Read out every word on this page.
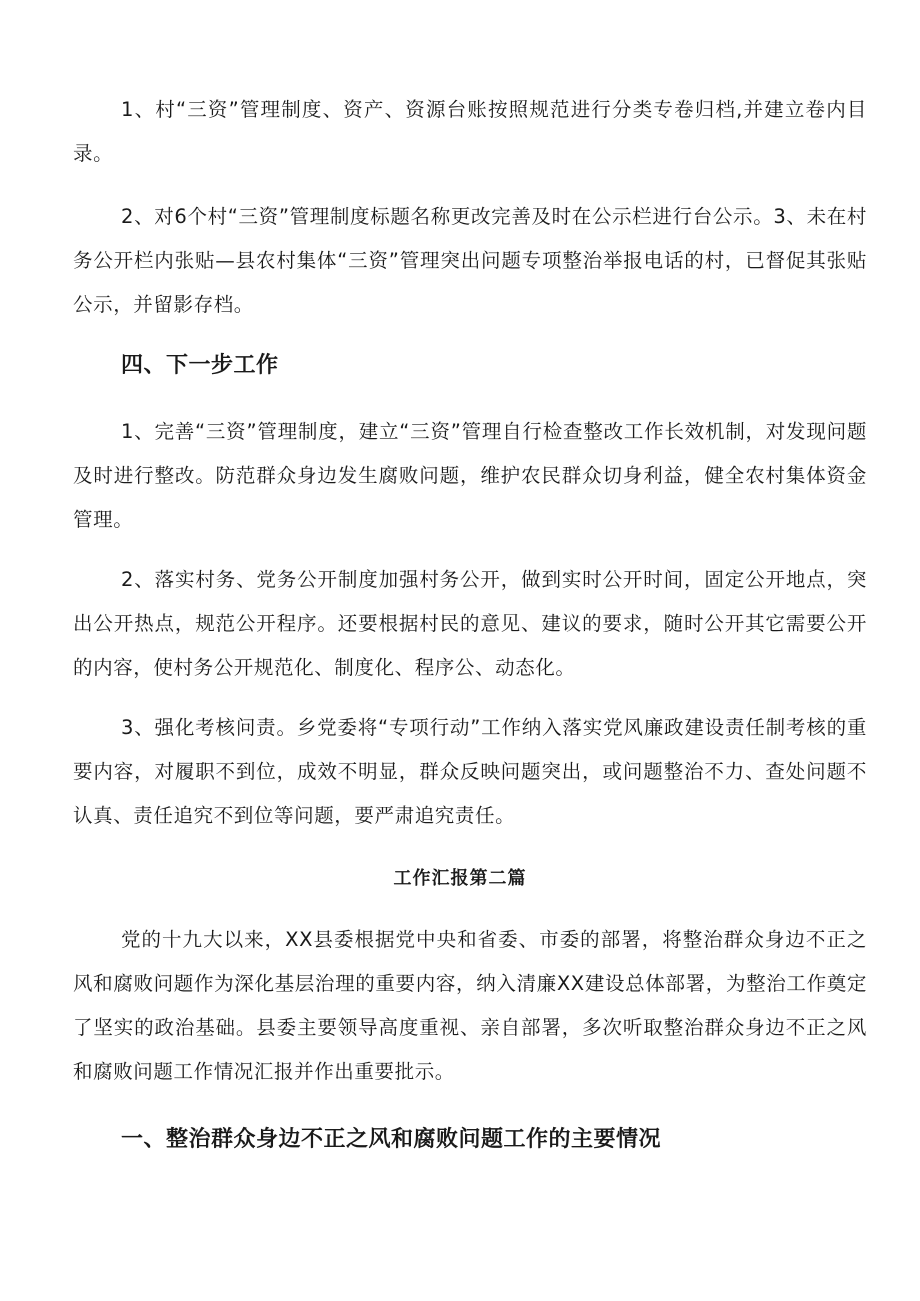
1、村“三资”管理制度、资产、资源台账按照规范进行分类专卷归档,并建立卷内目录。

2、对6个村“三资”管理制度标题名称更改完善及时在公示栏进行台公示。3、未在村务公开栏内张贴—县农村集体“三资”管理突出问题专项整治举报电话的村，已督促其张贴公示，并留影存档。

四、下一步工作

1、完善“三资”管理制度，建立“三资”管理自行检查整改工作长效机制，对发现问题及时进行整改。防范群众身边发生腐败问题，维护农民群众切身利益，健全农村集体资金管理。

2、落实村务、党务公开制度加强村务公开，做到实时公开时间，固定公开地点，突出公开热点，规范公开程序。还要根据村民的意见、建议的要求，随时公开其它需要公开的内容，使村务公开规范化、制度化、程序公、动态化。

3、强化考核问责。乡党委将“专项行动”工作纳入落实党风廉政建设责任制考核的重要内容，对履职不到位，成效不明显，群众反映问题突出，或问题整治不力、查处问题不认真、责任追究不到位等问题，要严肃追究责任。

工作汇报第二篇

党的十九大以来，XX县委根据党中央和省委、市委的部署，将整治群众身边不正之风和腐败问题作为深化基层治理的重要内容，纳入清廉XX建设总体部署，为整治工作奠定了坚实的政治基础。县委主要领导高度重视、亲自部署，多次听取整治群众身边不正之风和腐败问题工作情况汇报并作出重要批示。

一、整治群众身边不正之风和腐败问题工作的主要情况
